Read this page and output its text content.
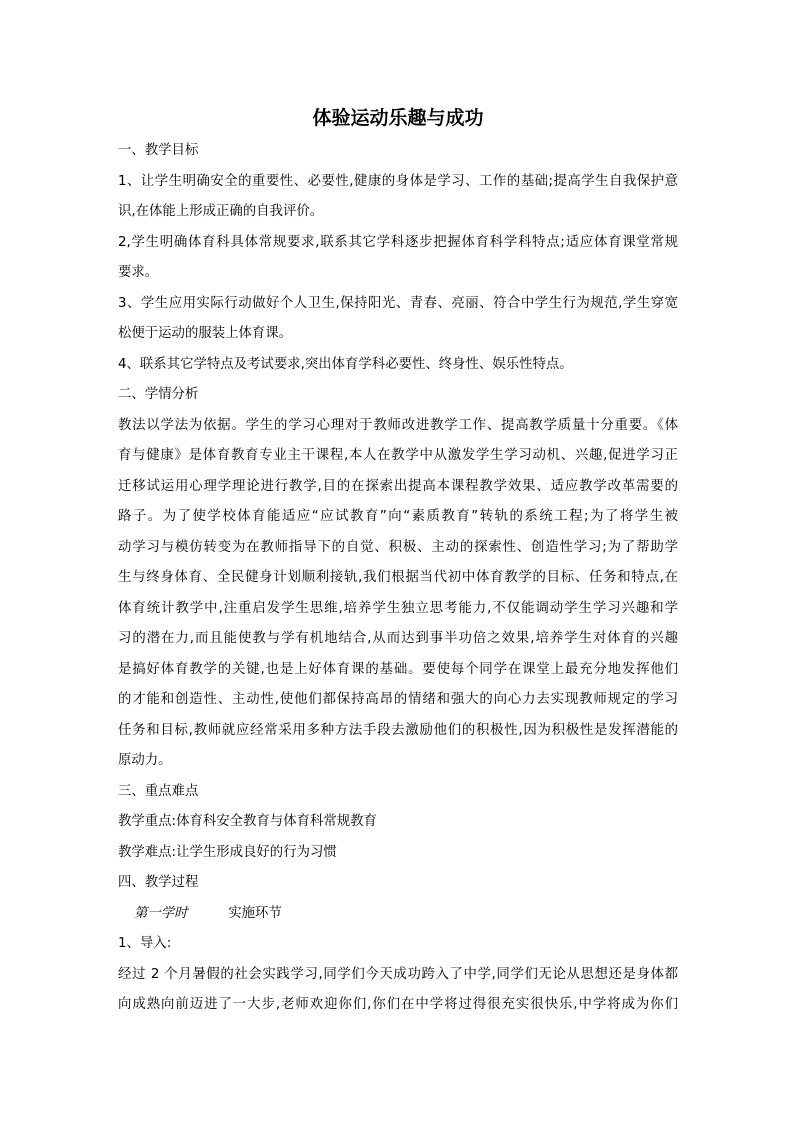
体验运动乐趣与成功
一、教学目标
1、让学生明确安全的重要性、必要性,健康的身体是学习、工作的基础;提高学生自我保护意
识,在体能上形成正确的自我评价。
2,学生明确体育科具体常规要求,联系其它学科逐步把握体育科学科特点;适应体育课堂常规
要求。
3、学生应用实际行动做好个人卫生,保持阳光、青春、亮丽、符合中学生行为规范,学生穿宽
松便于运动的服装上体育课。
4、联系其它学特点及考试要求,突出体育学科必要性、终身性、娱乐性特点。
二、学情分析
教法以学法为依据。学生的学习心理对于教师改进教学工作、提高教学质量十分重要。《体
育与健康》是体育教育专业主干课程,本人在教学中从激发学生学习动机、兴趣,促进学习正
迁移试运用心理学理论进行教学,目的在探索出提高本课程教学效果、适应教学改革需要的
路子。为了使学校体育能适应“应试教育”向“素质教育”转轨的系统工程;为了将学生被
动学习与模仿转变为在教师指导下的自觉、积极、主动的探索性、创造性学习;为了帮助学
生与终身体育、全民健身计划顺利接轨,我们根据当代初中体育教学的目标、任务和特点,在
体育统计教学中,注重启发学生思维,培养学生独立思考能力,不仅能调动学生学习兴趣和学
习的潜在力,而且能使教与学有机地结合,从而达到事半功倍之效果,培养学生对体育的兴趣
是搞好体育教学的关键,也是上好体育课的基础。要使每个同学在课堂上最充分地发挥他们
的才能和创造性、主动性,使他们都保持高昂的情绪和强大的向心力去实现教师规定的学习
任务和目标,教师就应经常采用多种方法手段去激励他们的积极性,因为积极性是发挥潜能的
原动力。
三、重点难点
教学重点:体育科安全教育与体育科常规教育
教学难点:让学生形成良好的行为习惯
四、教学过程
第一学时	实施环节
1、导入:
经过 2 个月暑假的社会实践学习,同学们今天成功跨入了中学,同学们无论从思想还是身体都
向成熟向前迈进了一大步,老师欢迎你们,你们在中学将过得很充实很快乐,中学将成为你们
